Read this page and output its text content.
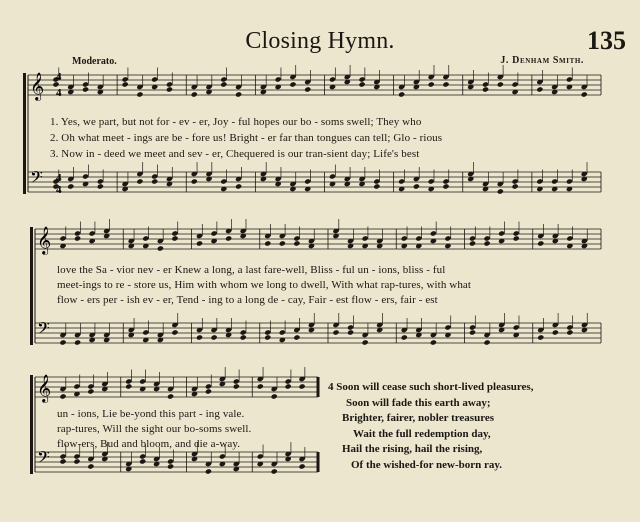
Closing Hymn.	135
Moderato.	J. Denham Smith.
𝄞
𝄢
𝄞
𝄢
𝄞
𝄢
4
4
4
4
1. Yes, we part, but not for - ev - er, Joy - ful hopes our bo - soms swell; They who
2. Oh what meet - ings are be - fore us! Bright - er far than tongues can tell; Glo - rious
3. Now in - deed we meet and sev - er, Chequered is our tran-sient day; Life's best
love the Sa - vior nev - er Knew a long, a last fare-well, Bliss - ful un - ions, bliss - ful
meet-ings to re - store us, Him with whom we long to dwell, With what rap-tures, with what
flow - ers per - ish ev - er, Tend - ing to a long de - cay, Fair - est flow - ers, fair - est
un - ions, Lie be-yond this part - ing vale.
rap-tures, Will the sight our bo-soms swell.
flow-ers, Bud and bloom, and die a-way.
4 Soon will cease such short-lived pleasures,
Soon will fade this earth away;
Brighter, fairer, nobler treasures
Wait the full redemption day,
Hail the rising, hail the rising,
Of the wished-for new-born ray.
